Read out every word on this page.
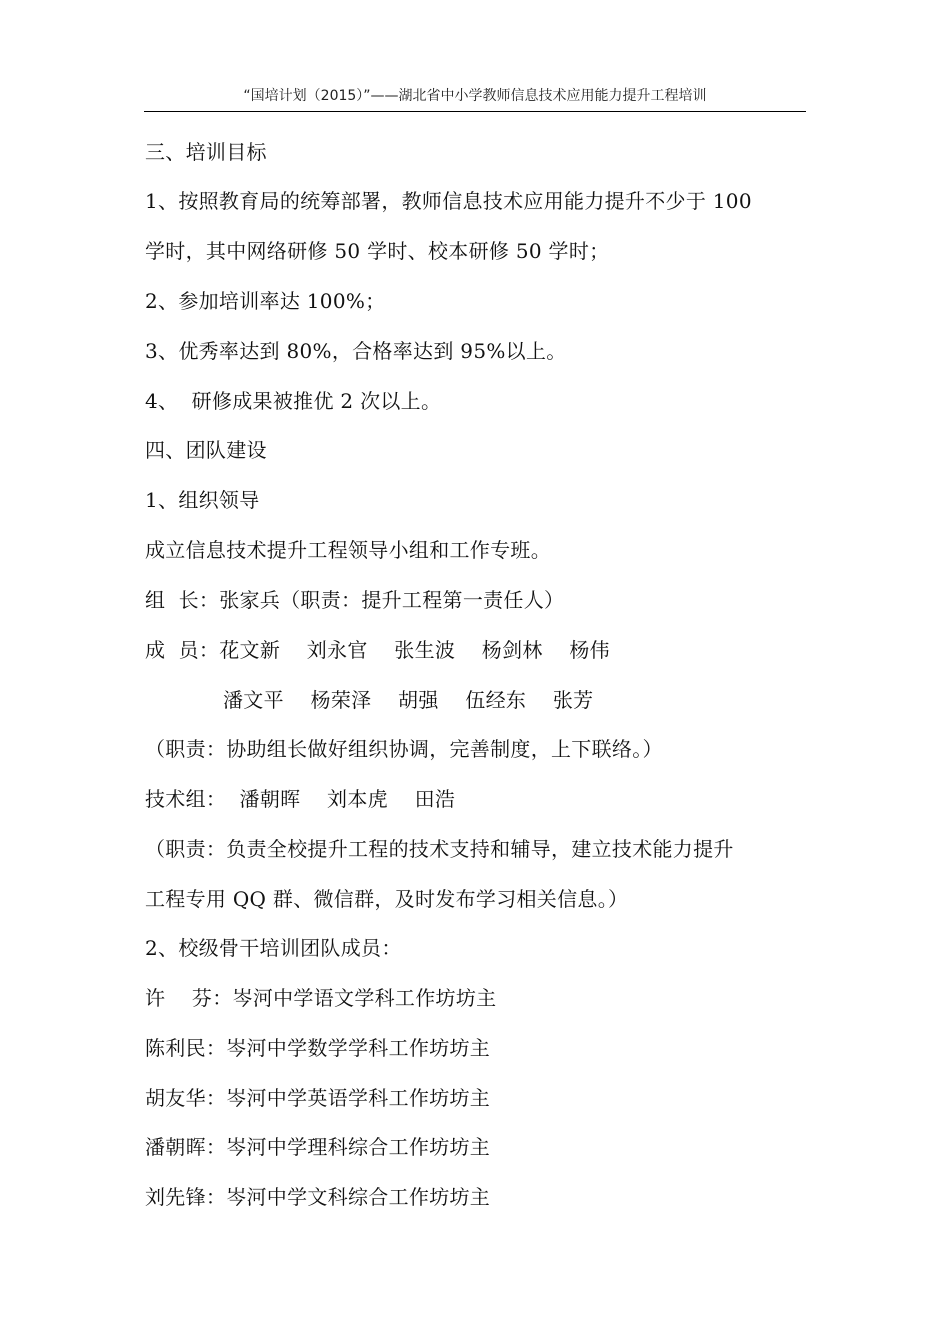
“国培计划（2015）”——湖北省中小学教师信息技术应用能力提升工程培训
三、培训目标
1、按照教育局的统筹部署，教师信息技术应用能力提升不少于 100
学时，其中网络研修 50 学时、校本研修 50 学时；
2、参加培训率达 100%；
3、优秀率达到 80%，合格率达到 95%以上。
4、  研修成果被推优 2 次以上。
四、团队建设
1、组织领导
成立信息技术提升工程领导小组和工作专班。
组  长：张家兵（职责：提升工程第一责任人）
成  员：花文新    刘永官    张生波    杨剑林    杨伟
潘文平    杨荣泽    胡强    伍经东    张芳
（职责：协助组长做好组织协调，完善制度，上下联络。）
技术组：  潘朝晖    刘本虎    田浩
（职责：负责全校提升工程的技术支持和辅导，建立技术能力提升
工程专用 QQ 群、微信群，及时发布学习相关信息。）
2、校级骨干培训团队成员：
许    芬：岑河中学语文学科工作坊坊主
陈利民：岑河中学数学学科工作坊坊主
胡友华：岑河中学英语学科工作坊坊主
潘朝晖：岑河中学理科综合工作坊坊主
刘先锋：岑河中学文科综合工作坊坊主
